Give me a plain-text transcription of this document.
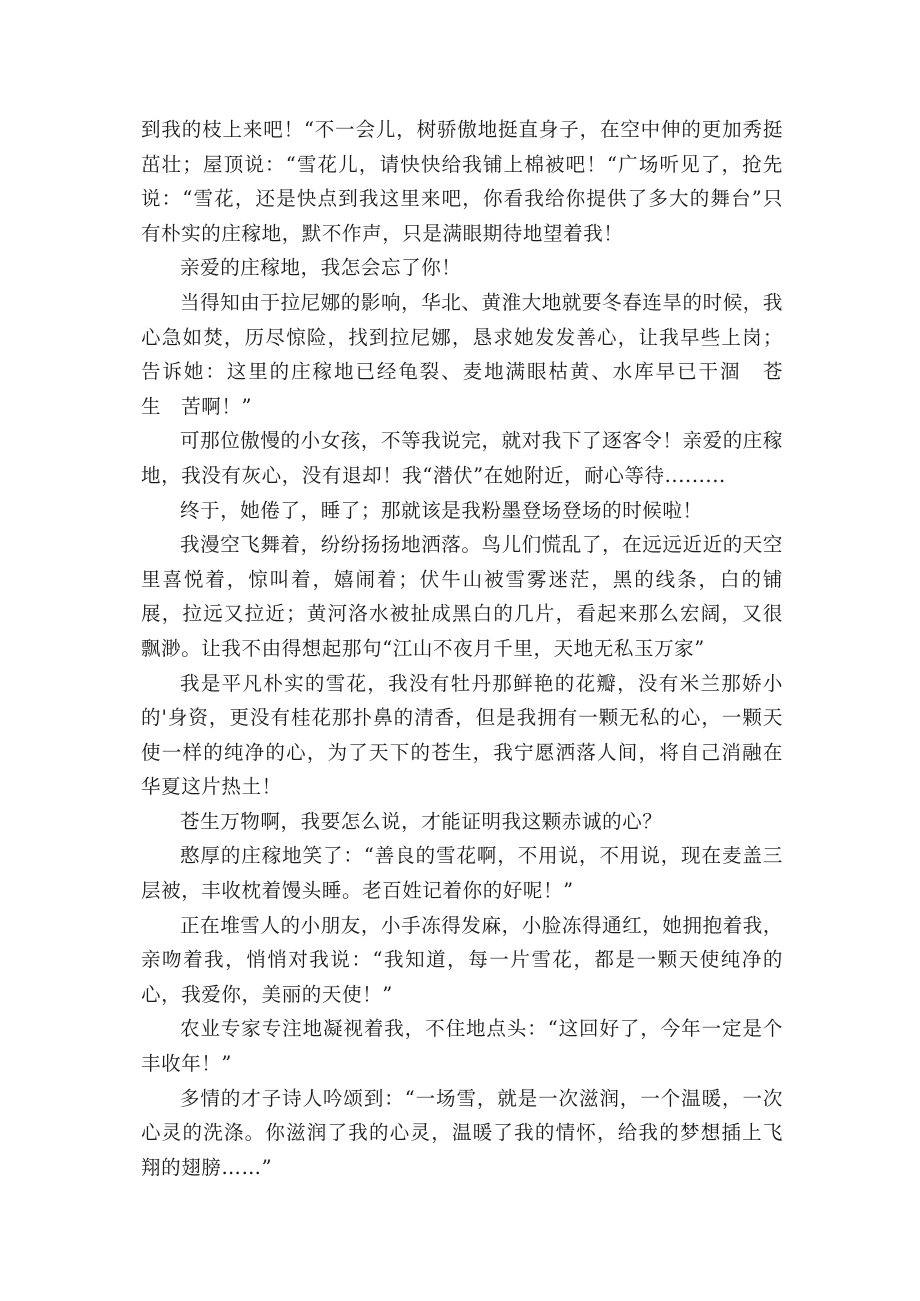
到我的枝上来吧！“不一会儿，树骄傲地挺直身子，在空中伸的更加秀挺茁壮；屋顶说：“雪花儿，请快快给我铺上棉被吧！“广场听见了，抢先说：“雪花，还是快点到我这里来吧，你看我给你提供了多大的舞台”只有朴实的庄稼地，默不作声，只是满眼期待地望着我！

亲爱的庄稼地，我怎会忘了你！

当得知由于拉尼娜的影响，华北、黄淮大地就要冬春连旱的时候，我心急如焚，历尽惊险，找到拉尼娜，恳求她发发善心，让我早些上岗；告诉她：这里的庄稼地已经龟裂、麦地满眼枯黄、水库早已干涸　苍　生　苦啊！”

可那位傲慢的小女孩，不等我说完，就对我下了逐客令！亲爱的庄稼地，我没有灰心，没有退却！我“潜伏”在她附近，耐心等待.........

终于，她倦了，睡了；那就该是我粉墨登场登场的时候啦！

我漫空飞舞着，纷纷扬扬地洒落。鸟儿们慌乱了，在远远近近的天空里喜悦着，惊叫着，嬉闹着；伏牛山被雪雾迷茫，黑的线条，白的铺展，拉远又拉近；黄河洛水被扯成黑白的几片，看起来那么宏阔，又很飘渺。让我不由得想起那句“江山不夜月千里，天地无私玉万家”

我是平凡朴实的雪花，我没有牡丹那鲜艳的花瓣，没有米兰那娇小的'身资，更没有桂花那扑鼻的清香，但是我拥有一颗无私的心，一颗天使一样的纯净的心，为了天下的苍生，我宁愿洒落人间，将自己消融在华夏这片热土！

苍生万物啊，我要怎么说，才能证明我这颗赤诚的心？

憨厚的庄稼地笑了：“善良的雪花啊，不用说，不用说，现在麦盖三层被，丰收枕着馒头睡。老百姓记着你的好呢！”

正在堆雪人的小朋友，小手冻得发麻，小脸冻得通红，她拥抱着我，亲吻着我，悄悄对我说：“我知道，每一片雪花，都是一颗天使纯净的心，我爱你，美丽的天使！”

农业专家专注地凝视着我，不住地点头：“这回好了，今年一定是个丰收年！”

多情的才子诗人吟颂到：“一场雪，就是一次滋润，一个温暖，一次心灵的洗涤。你滋润了我的心灵，温暖了我的情怀，给我的梦想插上飞翔的翅膀……”
